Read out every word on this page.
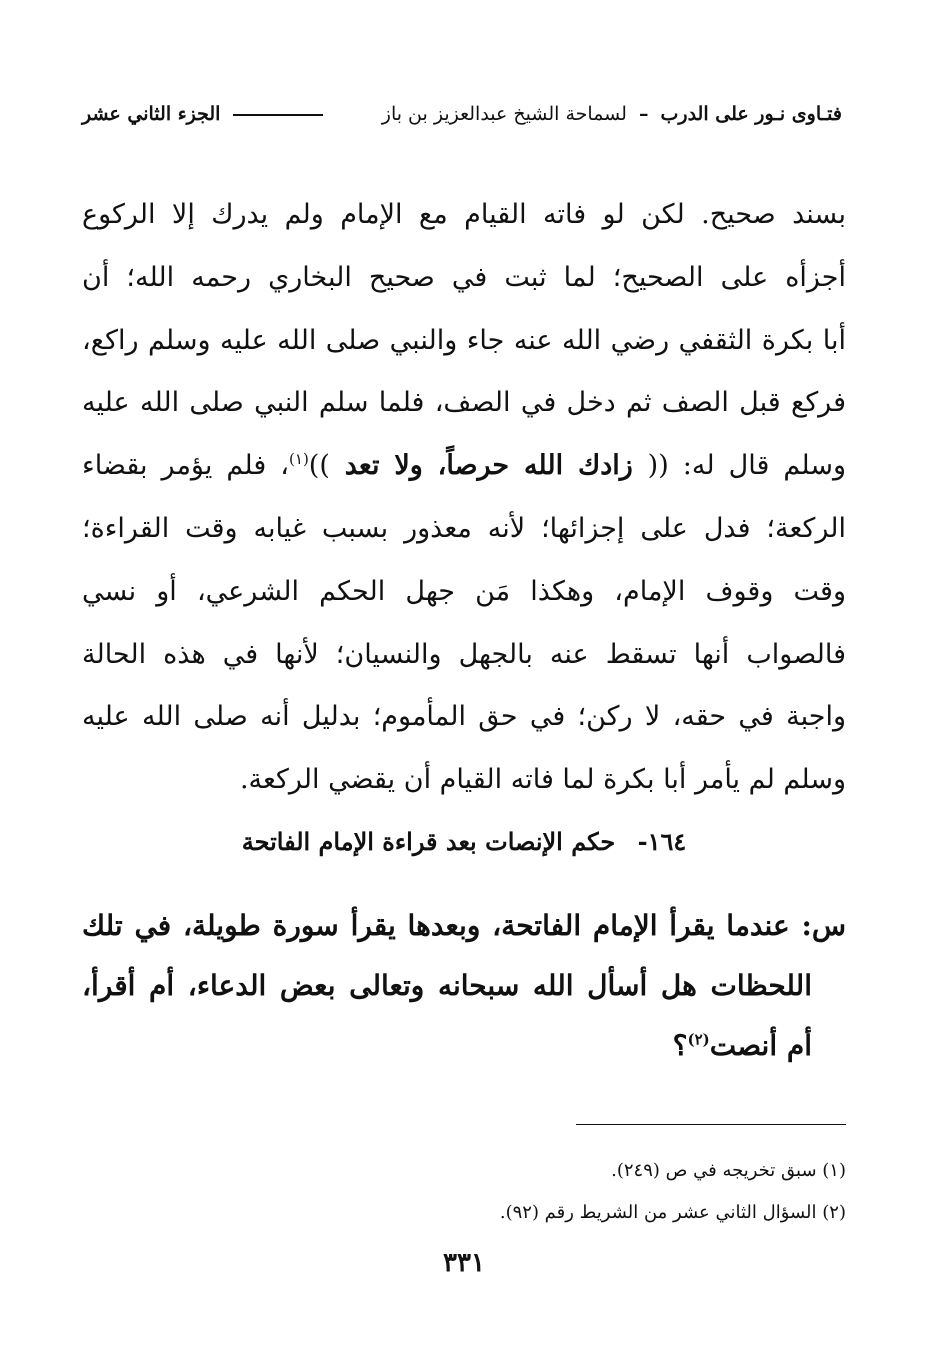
فتـاوى نـور على الدرب – لسماحة الشيخ عبدالعزيز بن باز
الجزء الثاني عشر
بسند صحيح. لكن لو فاته القيام مع الإمام ولم يدرك إلا الركوع
أجزأه على الصحيح؛ لما ثبت في صحيح البخاري رحمه الله؛ أن
أبا بكرة الثقفي رضي الله عنه جاء والنبي صلى الله عليه وسلم راكع،
فركع قبل الصف ثم دخل في الصف، فلما سلم النبي صلى الله عليه
وسلم قال له: (( زادك الله حرصاً، ولا تعد ))$^{(١)}$، فلم يؤمر بقضاء
الركعة؛ فدل على إجزائها؛ لأنه معذور بسبب غيابه وقت القراءة؛
وقت وقوف الإمام، وهكذا مَن جهل الحكم الشرعي، أو نسي
فالصواب أنها تسقط عنه بالجهل والنسيان؛ لأنها في هذه الحالة
واجبة في حقه، لا ركن؛ في حق المأموم؛ بدليل أنه صلى الله عليه
وسلم لم يأمر أبا بكرة لما فاته القيام أن يقضي الركعة.
١٦٤- حكم الإنصات بعد قراءة الإمام الفاتحة
س: عندما يقرأ الإمام الفاتحة، وبعدها يقرأ سورة طويلة، في تلك
اللحظات هل أسأل الله سبحانه وتعالى بعض الدعاء، أم أقرأ،
أم أنصت$^{(٢)}$؟
(١) سبق تخريجه في ص (٢٤٩).
(٢) السؤال الثاني عشر من الشريط رقم (٩٢).
٣٣١
